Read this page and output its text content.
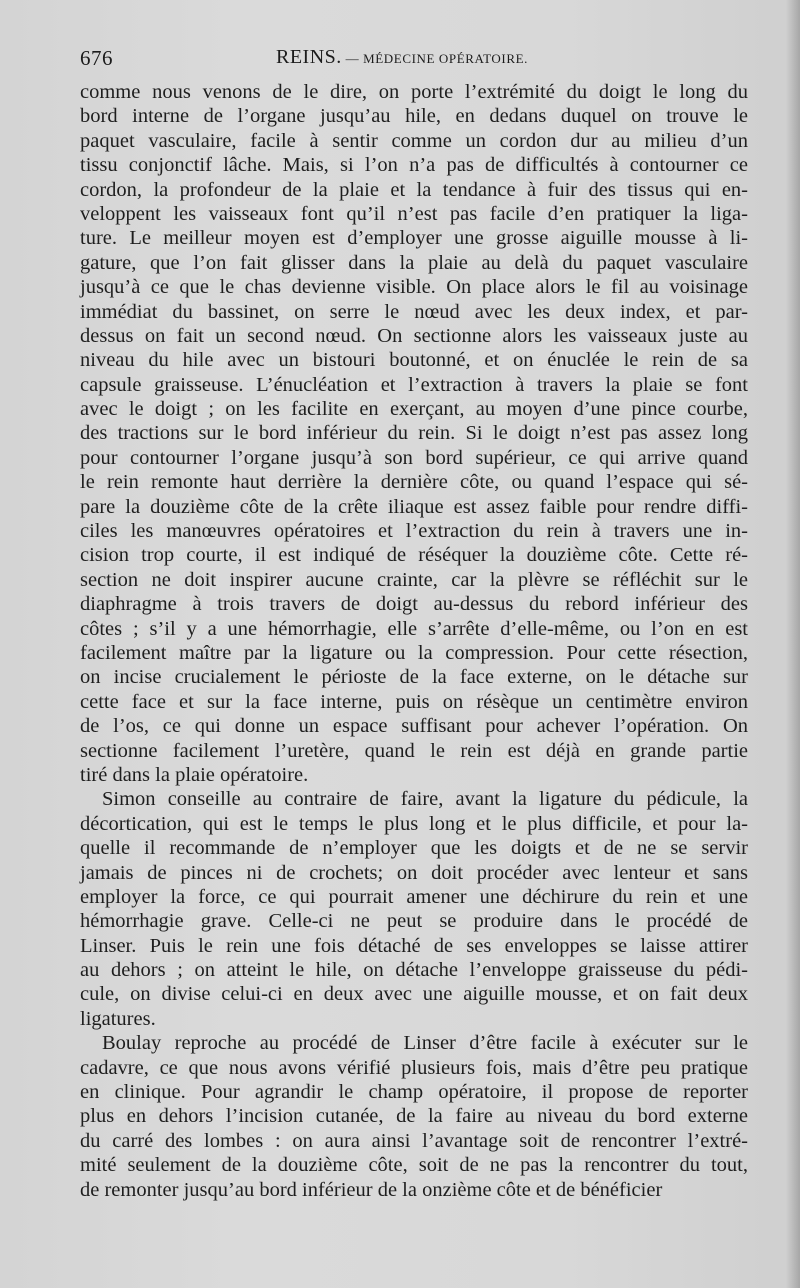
676	REINS. — MÉDECINE OPÉRATOIRE.
comme nous venons de le dire, on porte l’extrémité du doigt le long du
bord interne de l’organe jusqu’au hile, en dedans duquel on trouve le
paquet vasculaire, facile à sentir comme un cordon dur au milieu d’un
tissu conjonctif lâche. Mais, si l’on n’a pas de difficultés à contourner ce
cordon, la profondeur de la plaie et la tendance à fuir des tissus qui en-
veloppent les vaisseaux font qu’il n’est pas facile d’en pratiquer la liga-
ture. Le meilleur moyen est d’employer une grosse aiguille mousse à li-
gature, que l’on fait glisser dans la plaie au delà du paquet vasculaire
jusqu’à ce que le chas devienne visible. On place alors le fil au voisinage
immédiat du bassinet, on serre le nœud avec les deux index, et par-
dessus on fait un second nœud. On sectionne alors les vaisseaux juste au
niveau du hile avec un bistouri boutonné, et on énuclée le rein de sa
capsule graisseuse. L’énucléation et l’extraction à travers la plaie se font
avec le doigt ; on les facilite en exerçant, au moyen d’une pince courbe,
des tractions sur le bord inférieur du rein. Si le doigt n’est pas assez long
pour contourner l’organe jusqu’à son bord supérieur, ce qui arrive quand
le rein remonte haut derrière la dernière côte, ou quand l’espace qui sé-
pare la douzième côte de la crête iliaque est assez faible pour rendre diffi-
ciles les manœuvres opératoires et l’extraction du rein à travers une in-
cision trop courte, il est indiqué de réséquer la douzième côte. Cette ré-
section ne doit inspirer aucune crainte, car la plèvre se réfléchit sur le
diaphragme à trois travers de doigt au-dessus du rebord inférieur des
côtes ; s’il y a une hémorrhagie, elle s’arrête d’elle-même, ou l’on en est
facilement maître par la ligature ou la compression. Pour cette résection,
on incise crucialement le périoste de la face externe, on le détache sur
cette face et sur la face interne, puis on résèque un centimètre environ
de l’os, ce qui donne un espace suffisant pour achever l’opération. On
sectionne facilement l’uretère, quand le rein est déjà en grande partie
tiré dans la plaie opératoire.
Simon conseille au contraire de faire, avant la ligature du pédicule, la
décortication, qui est le temps le plus long et le plus difficile, et pour la-
quelle il recommande de n’employer que les doigts et de ne se servir
jamais de pinces ni de crochets; on doit procéder avec lenteur et sans
employer la force, ce qui pourrait amener une déchirure du rein et une
hémorrhagie grave. Celle-ci ne peut se produire dans le procédé de
Linser. Puis le rein une fois détaché de ses enveloppes se laisse attirer
au dehors ; on atteint le hile, on détache l’enveloppe graisseuse du pédi-
cule, on divise celui-ci en deux avec une aiguille mousse, et on fait deux
ligatures.
Boulay reproche au procédé de Linser d’être facile à exécuter sur le
cadavre, ce que nous avons vérifié plusieurs fois, mais d’être peu pratique
en clinique. Pour agrandir le champ opératoire, il propose de reporter
plus en dehors l’incision cutanée, de la faire au niveau du bord externe
du carré des lombes : on aura ainsi l’avantage soit de rencontrer l’extré-
mité seulement de la douzième côte, soit de ne pas la rencontrer du tout,
de remonter jusqu’au bord inférieur de la onzième côte et de bénéficier
